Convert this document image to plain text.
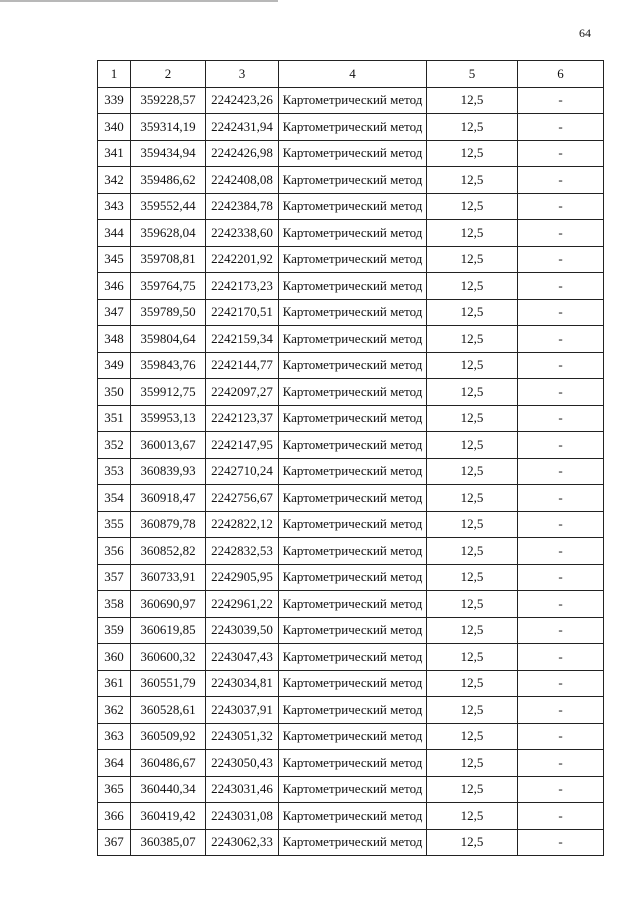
64
1	2	3	4	5	6
339	359228,57	2242423,26	Картометрический метод	12,5	-
340	359314,19	2242431,94	Картометрический метод	12,5	-
341	359434,94	2242426,98	Картометрический метод	12,5	-
342	359486,62	2242408,08	Картометрический метод	12,5	-
343	359552,44	2242384,78	Картометрический метод	12,5	-
344	359628,04	2242338,60	Картометрический метод	12,5	-
345	359708,81	2242201,92	Картометрический метод	12,5	-
346	359764,75	2242173,23	Картометрический метод	12,5	-
347	359789,50	2242170,51	Картометрический метод	12,5	-
348	359804,64	2242159,34	Картометрический метод	12,5	-
349	359843,76	2242144,77	Картометрический метод	12,5	-
350	359912,75	2242097,27	Картометрический метод	12,5	-
351	359953,13	2242123,37	Картометрический метод	12,5	-
352	360013,67	2242147,95	Картометрический метод	12,5	-
353	360839,93	2242710,24	Картометрический метод	12,5	-
354	360918,47	2242756,67	Картометрический метод	12,5	-
355	360879,78	2242822,12	Картометрический метод	12,5	-
356	360852,82	2242832,53	Картометрический метод	12,5	-
357	360733,91	2242905,95	Картометрический метод	12,5	-
358	360690,97	2242961,22	Картометрический метод	12,5	-
359	360619,85	2243039,50	Картометрический метод	12,5	-
360	360600,32	2243047,43	Картометрический метод	12,5	-
361	360551,79	2243034,81	Картометрический метод	12,5	-
362	360528,61	2243037,91	Картометрический метод	12,5	-
363	360509,92	2243051,32	Картометрический метод	12,5	-
364	360486,67	2243050,43	Картометрический метод	12,5	-
365	360440,34	2243031,46	Картометрический метод	12,5	-
366	360419,42	2243031,08	Картометрический метод	12,5	-
367	360385,07	2243062,33	Картометрический метод	12,5	-
